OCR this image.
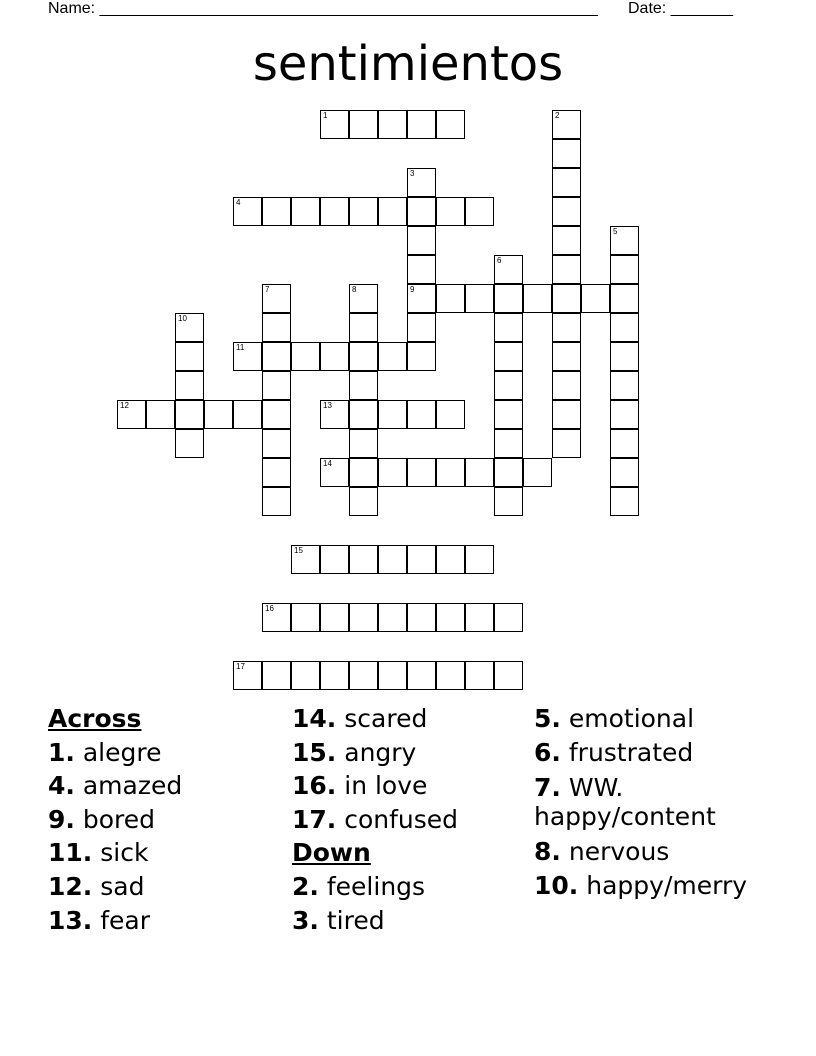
Name: ________________________________________________________ Date: _______
sentimientos
1	2
3
9
4
5
6
7	8
10
11
12	13
14
15
16
17
Across
1. alegre
4. amazed
9. bored
11. sick
12. sad
13. fear
14. scared
15. angry
16. in love
17. confused
Down
2. feelings
3. tired
5. emotional
6. frustrated
7. WW. happy/content
8. nervous
10. happy/merry
